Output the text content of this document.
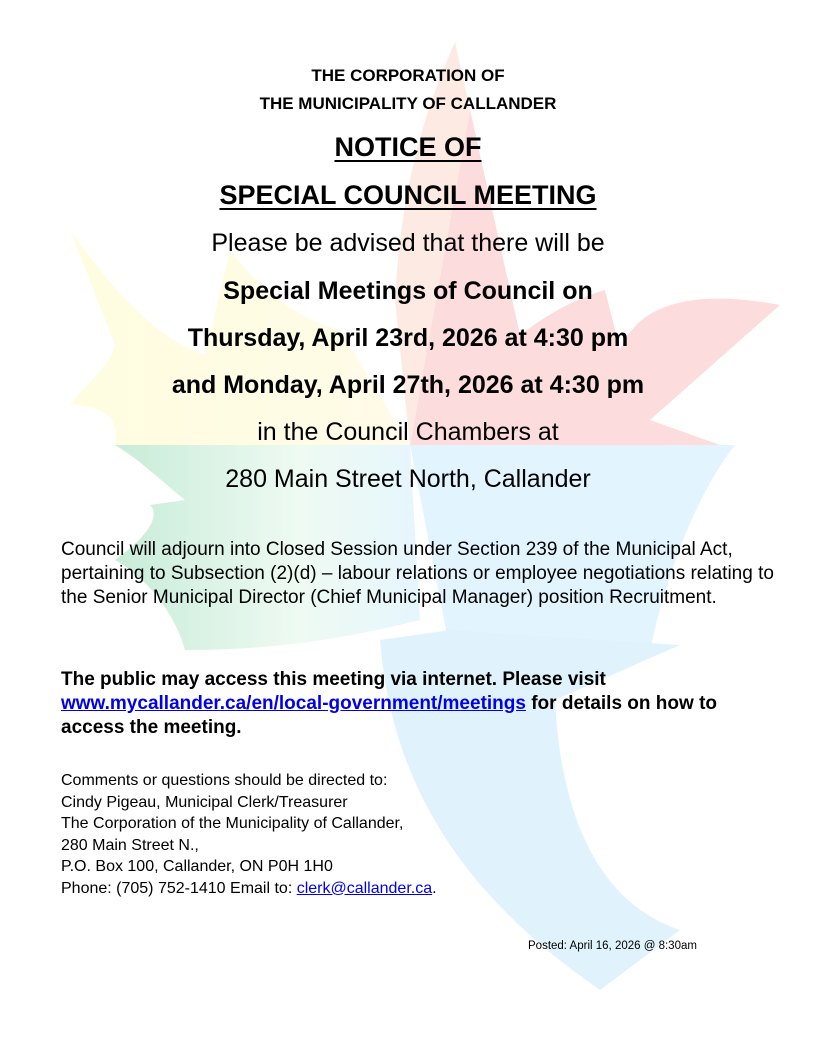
THE CORPORATION OF
THE MUNICIPALITY OF CALLANDER
NOTICE OF
SPECIAL COUNCIL MEETING
Please be advised that there will be
Special Meetings of Council on
Thursday, April 23rd, 2026 at 4:30 pm
and Monday, April 27th, 2026 at 4:30 pm
in the Council Chambers at
280 Main Street North, Callander
Council will adjourn into Closed Session under Section 239 of the Municipal Act, pertaining to Subsection (2)(d) – labour relations or employee negotiations relating to the Senior Municipal Director (Chief Municipal Manager) position Recruitment.
The public may access this meeting via internet. Please visit www.mycallander.ca/en/local-government/meetings for details on how to access the meeting.
Comments or questions should be directed to:
Cindy Pigeau, Municipal Clerk/Treasurer
The Corporation of the Municipality of Callander,
280 Main Street N.,
P.O. Box 100, Callander, ON P0H 1H0
Phone: (705) 752-1410 Email to: clerk@callander.ca.
Posted: April 16, 2026 @ 8:30am
